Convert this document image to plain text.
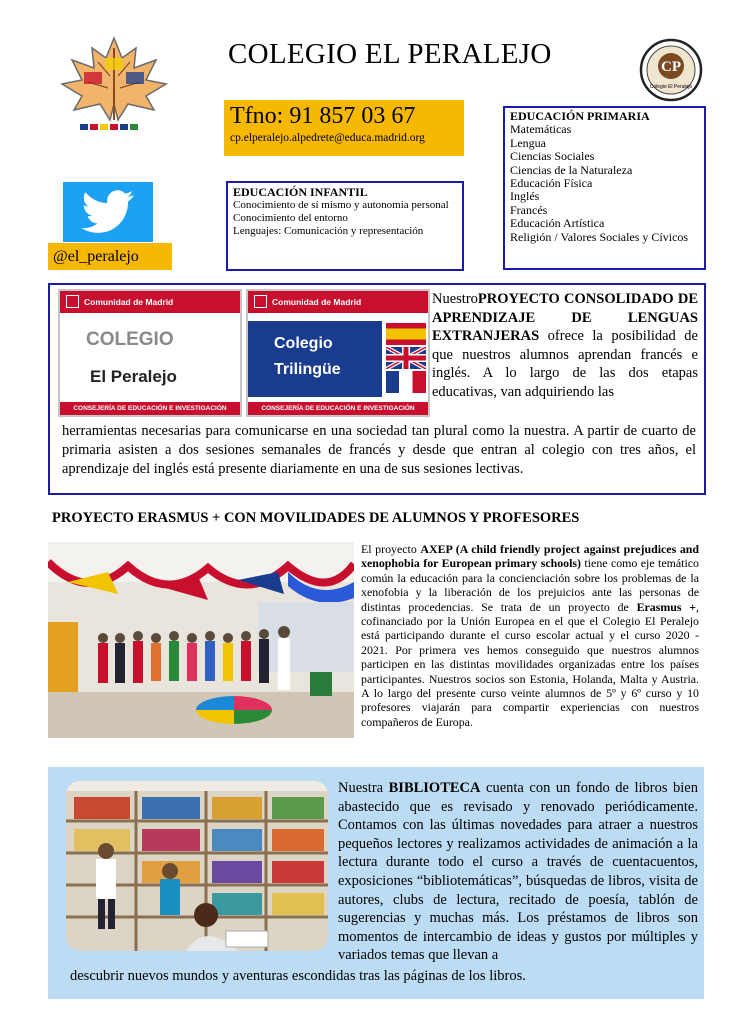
COLEGIO EL PERALEJO	CP
Colegio El Peralejo
Tfno: 91 857 03 67
cp.elperalejo.alpedrete@educa.madrid.org
EDUCACIÓN PRIMARIA
Matemáticas
Lengua
Ciencias Sociales
Ciencias de la Naturaleza
Educación Física
Inglés
Francés
Educación Artística
Religión / Valores Sociales y Cívicos
@el_peralejo
EDUCACIÓN INFANTIL
Conocimiento de sí mismo y autonomía personal
Conocimiento del entorno
Lenguajes: Comunicación y representación
Comunidad de Madrid
COLEGIO
El Peralejo
CONSEJERÍA DE EDUCACIÓN E INVESTIGACIÓN
Comunidad de Madrid
Colegio
Trilingüe
CONSEJERÍA DE EDUCACIÓN E INVESTIGACIÓN
NuestroPROYECTO CONSOLIDADO DE APRENDIZAJE DE LENGUAS EXTRANJERAS ofrece la posibilidad de que nuestros alumnos aprendan francés e inglés. A lo largo de las dos etapas educativas, van adquiriendo las
herramientas necesarias para comunicarse en una sociedad tan plural como la nuestra. A partir de cuarto de primaria asisten a dos sesiones semanales de francés y desde que entran al colegio con tres años, el aprendizaje del inglés está presente diariamente en una de sus sesiones lectivas.
PROYECTO ERASMUS + CON MOVILIDADES DE ALUMNOS Y PROFESORES
El proyecto AXEP (A child friendly project against prejudices and xenophobia for European primary schools) tiene como eje temático común la educación para la concienciación sobre los problemas de la xenofobia y la liberación de los prejuicios ante las personas de distintas procedencias. Se trata de un proyecto de Erasmus +, cofinanciado por la Unión Europea en el que el Colegio El Peralejo está participando durante el curso escolar actual y el curso 2020 - 2021. Por primera ves hemos conseguido que nuestros alumnos participen en las distintas movilidades organizadas entre los países participantes. Nuestros socios son Estonia, Holanda, Malta y Austria. A lo largo del presente curso veinte alumnos de 5º y 6º curso y 10 profesores viajarán para compartir experiencias con nuestros compañeros de Europa.
Nuestra BIBLIOTECA cuenta con un fondo de libros bien abastecido que es revisado y renovado periódicamente. Contamos con las últimas novedades para atraer a nuestros pequeños lectores y realizamos actividades de animación a la lectura durante todo el curso a través de cuentacuentos, exposiciones “bibliotemáticas”, búsquedas de libros, visita de autores, clubs de lectura, recitado de poesía, tablón de sugerencias y muchas más. Los préstamos de libros son momentos de intercambio de ideas y gustos por múltiples y variados temas que llevan a
descubrir nuevos mundos y aventuras escondidas tras las páginas de los libros.
